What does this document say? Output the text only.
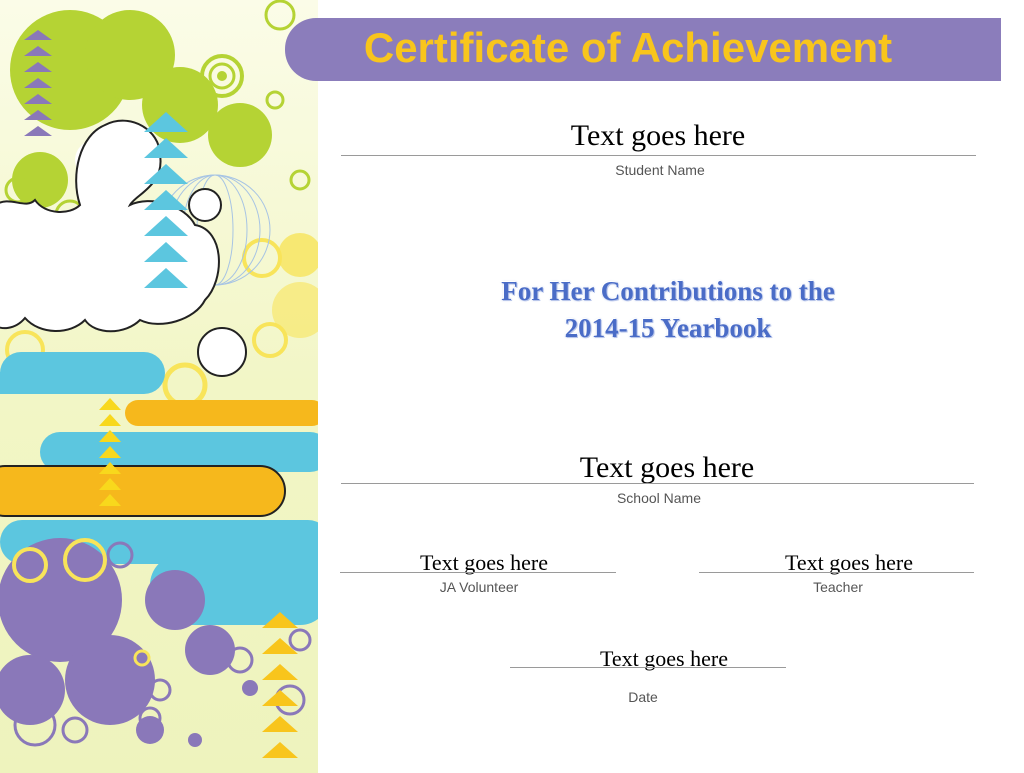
Certificate of Achievement
Text goes here
Student Name
For Her Contributions to the
2014-15 Yearbook
Text goes here
School Name
Text goes here
JA Volunteer
Text goes here
Teacher
Text goes here
Date
